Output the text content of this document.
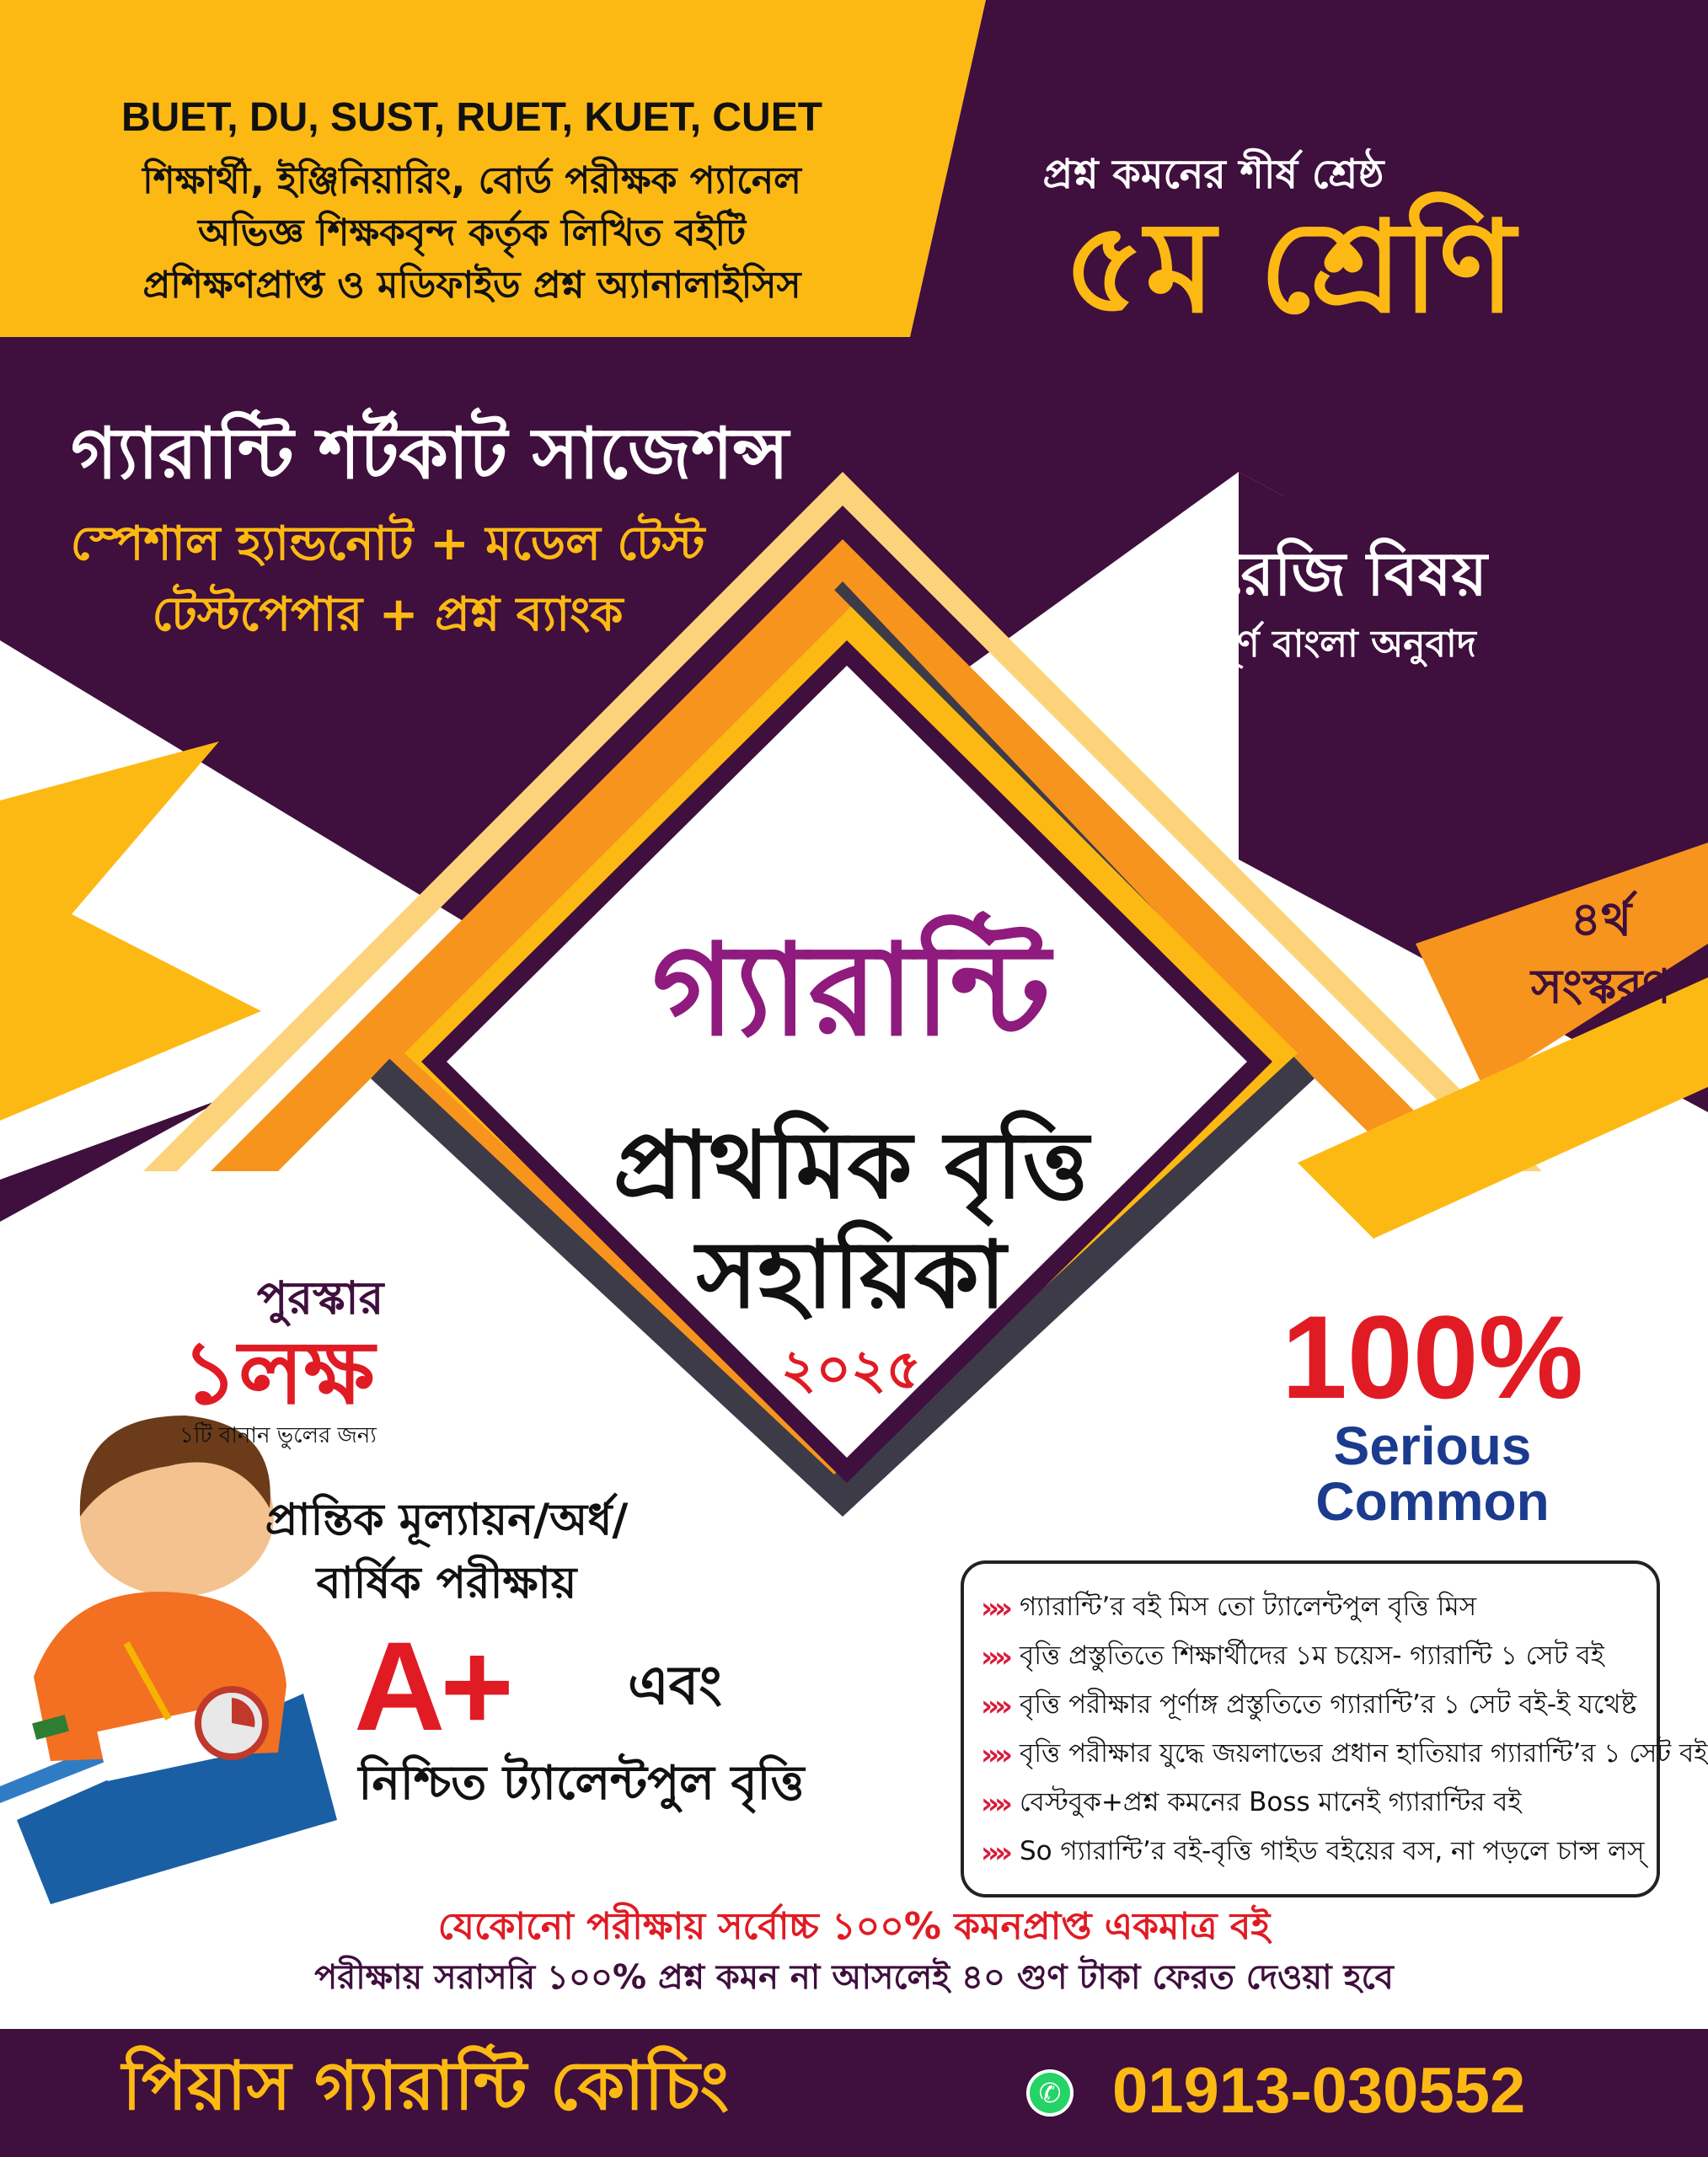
BUET, DU, SUST, RUET, KUET, CUET
শিক্ষার্থী, ইঞ্জিনিয়ারিং, বোর্ড পরীক্ষক প্যানেল
অভিজ্ঞ শিক্ষকবৃন্দ কর্তৃক লিখিত বইটি
প্রশিক্ষণপ্রাপ্ত ও মডিফাইড প্রশ্ন অ্যানালাইসিস
প্রশ্ন কমনের শীর্ষ শ্রেষ্ঠ
৫ম শ্রেণি
গ্যারান্টি শর্টকাট সাজেশন্স
স্পেশাল হ্যান্ডনোট + মডেল টেস্ট
টেস্টপেপার + প্রশ্ন ব্যাংক
ইংরেজি বিষয়
সম্পূর্ণ বাংলা অনুবাদ
৪র্থ
সংস্করণ
গ্যারান্টি
প্রাথমিক বৃত্তি
সহায়িকা
২০২৫
পুরস্কার
১লক্ষ
১টি বানান ভুলের জন্য
100%
Serious
Common
প্রান্তিক মূল্যায়ন/অর্ধ/
বার্ষিক পরীক্ষায়
A+ এবং
নিশ্চিত ট্যালেন্টপুল বৃত্তি
»» গ্যারান্টি’র বই মিস তো ট্যালেন্টপুল বৃত্তি মিস
»» বৃত্তি প্রস্তুতিতে শিক্ষার্থীদের ১ম চয়েস- গ্যারান্টি ১ সেট বই
»» বৃত্তি পরীক্ষার পূর্ণাঙ্গ প্রস্তুতিতে গ্যারান্টি’র ১ সেট বই-ই যথেষ্ট
»» বৃত্তি পরীক্ষার যুদ্ধে জয়লাভের প্রধান হাতিয়ার গ্যারান্টি’র ১ সেট বই
»» বেস্টবুক+প্রশ্ন কমনের Boss মানেই গ্যারান্টির বই
»» So গ্যারান্টি’র বই-বৃত্তি গাইড বইয়ের বস, না পড়লে চান্স লস্
যেকোনো পরীক্ষায় সর্বোচ্চ ১০০% কমনপ্রাপ্ত একমাত্র বই
পরীক্ষায় সরাসরি ১০০% প্রশ্ন কমন না আসলেই ৪০ গুণ টাকা ফেরত দেওয়া হবে
পিয়াস গ্যারান্টি কোচিং
✆	01913-030552
